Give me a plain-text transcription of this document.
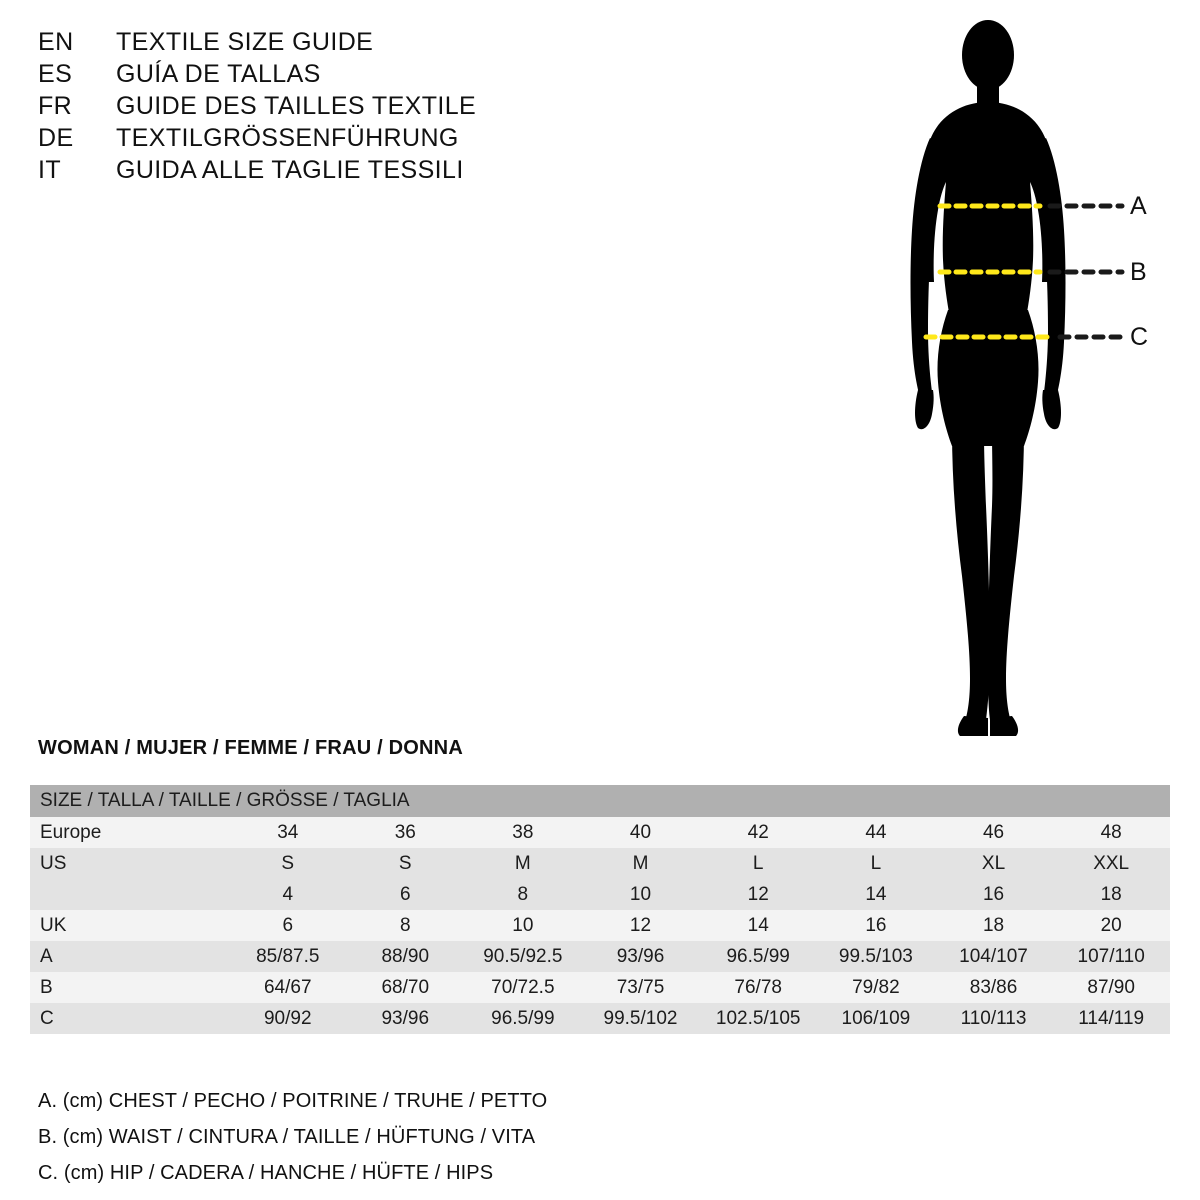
EN	TEXTILE SIZE GUIDE
ES	GUÍA DE TALLAS
FR	GUIDE DES TAILLES TEXTILE
DE	TEXTILGRÖSSENFÜHRUNG
IT	GUIDA ALLE TAGLIE TESSILI
A
B
C
WOMAN / MUJER / FEMME / FRAU / DONNA
SIZE / TALLA / TAILLE / GRÖSSE / TAGLIA								
Europe	34	36	38	40	42	44	46	48
US	S	S	M	M	L	L	XL	XXL
	4	6	8	10	12	14	16	18
UK	6	8	10	12	14	16	18	20
A	85/87.5	88/90	90.5/92.5	93/96	96.5/99	99.5/103	104/107	107/110
B	64/67	68/70	70/72.5	73/75	76/78	79/82	83/86	87/90
C	90/92	93/96	96.5/99	99.5/102	102.5/105	106/109	110/113	114/119
A. (cm) CHEST / PECHO / POITRINE / TRUHE / PETTO
B. (cm) WAIST / CINTURA / TAILLE / HÜFTUNG / VITA
C. (cm) HIP / CADERA / HANCHE / HÜFTE / HIPS
